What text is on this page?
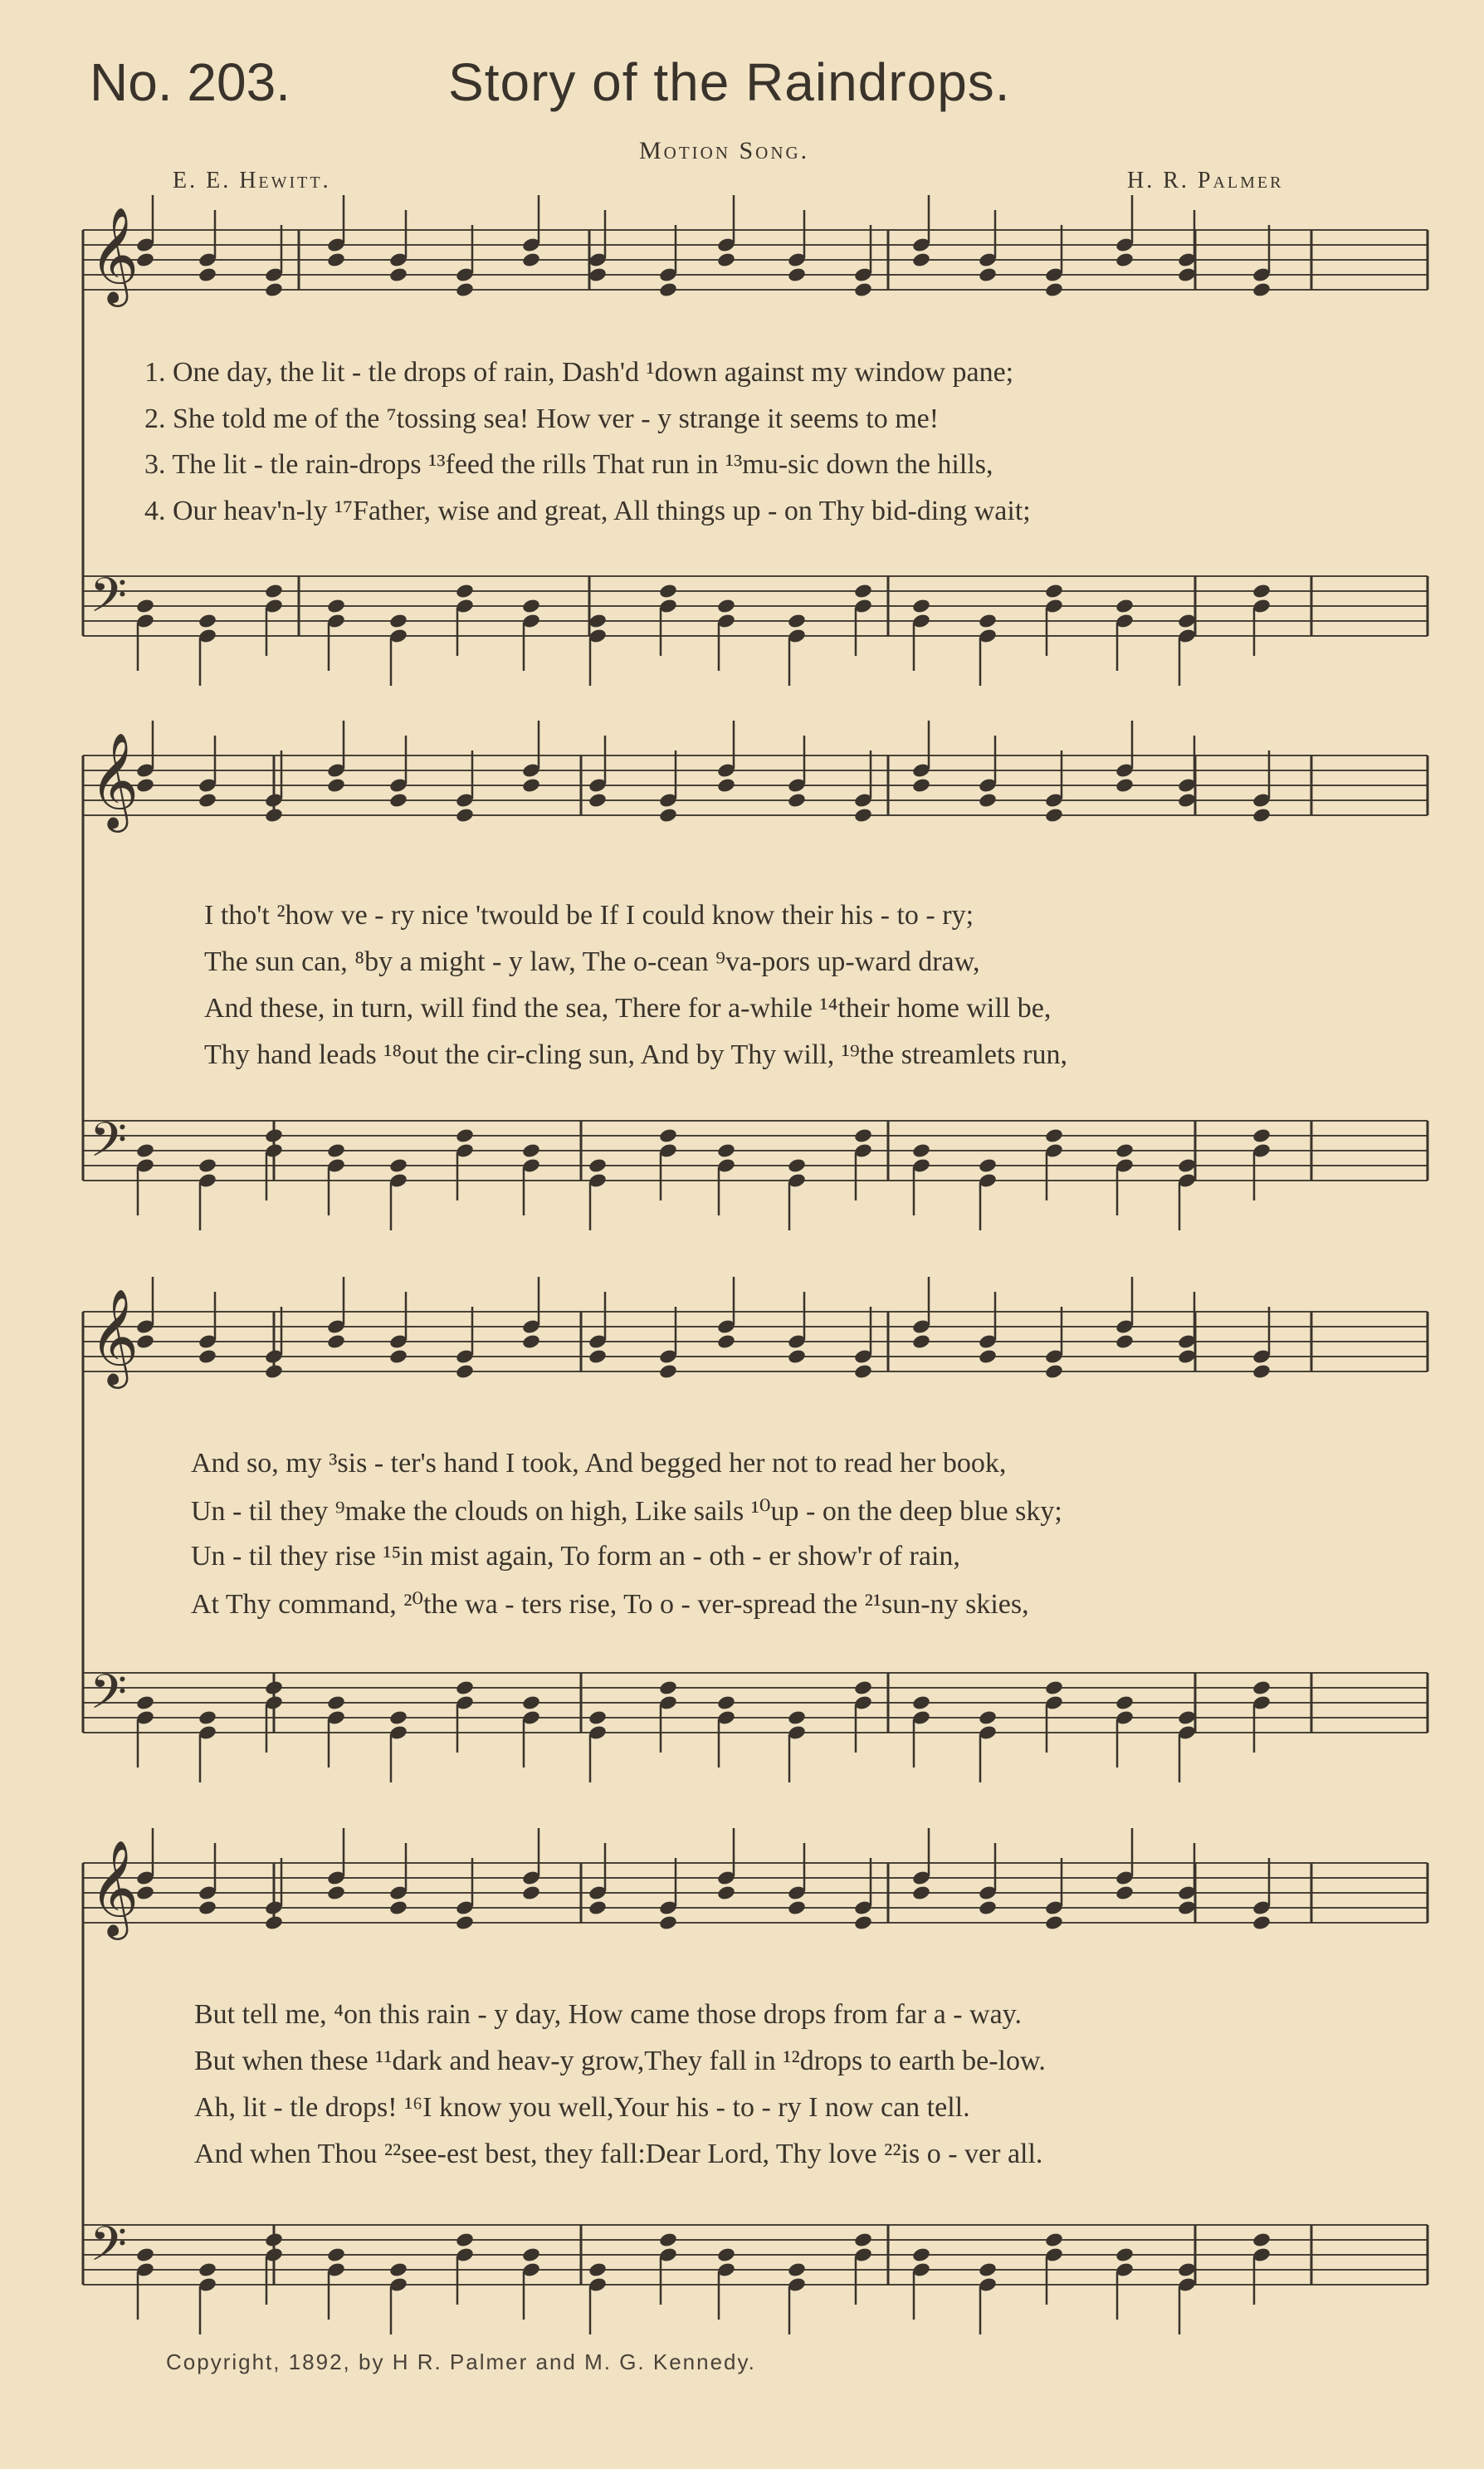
No. 203.	Story of the Raindrops.
Motion Song.
E. E. Hewitt.	H. R. Palmer
𝄞
𝄢
𝄞
𝄢
𝄞
𝄢
𝄞
𝄢
1. One day, the lit - tle drops of rain, Dash'd ¹down against my window pane;
2. She told me of the ⁷tossing sea! How ver - y strange it seems to me!
3. The lit - tle rain-drops ¹³feed the rills That run in ¹³mu-sic down the hills,
4. Our heav'n-ly ¹⁷Father, wise and great, All things up - on Thy bid-ding wait;
I tho't ²how ve - ry nice 'twould be If I could know their his - to - ry;
The sun can, ⁸by a might - y law, The o-cean ⁹va-pors up-ward draw,
And these, in turn, will find the sea, There for a-while ¹⁴their home will be,
Thy hand leads ¹⁸out the cir-cling sun, And by Thy will, ¹⁹the streamlets run,
And so, my ³sis - ter's hand I took, And begged her not to read her book,
Un - til they ⁹make the clouds on high, Like sails ¹⁰up - on the deep blue sky;
Un - til they rise ¹⁵in mist again, To form an - oth - er show'r of rain,
At Thy command, ²⁰the wa - ters rise, To o - ver-spread the ²¹sun-ny skies,
But tell me, ⁴on this rain - y day, How came those drops from far a - way.
But when these ¹¹dark and heav-y grow,They fall in ¹²drops to earth be-low.
Ah, lit - tle drops! ¹⁶I know you well,Your his - to - ry I now can tell.
And when Thou ²²see-est best, they fall:Dear Lord, Thy love ²²is o - ver all.
Copyright, 1892, by H R. Palmer and M. G. Kennedy.
